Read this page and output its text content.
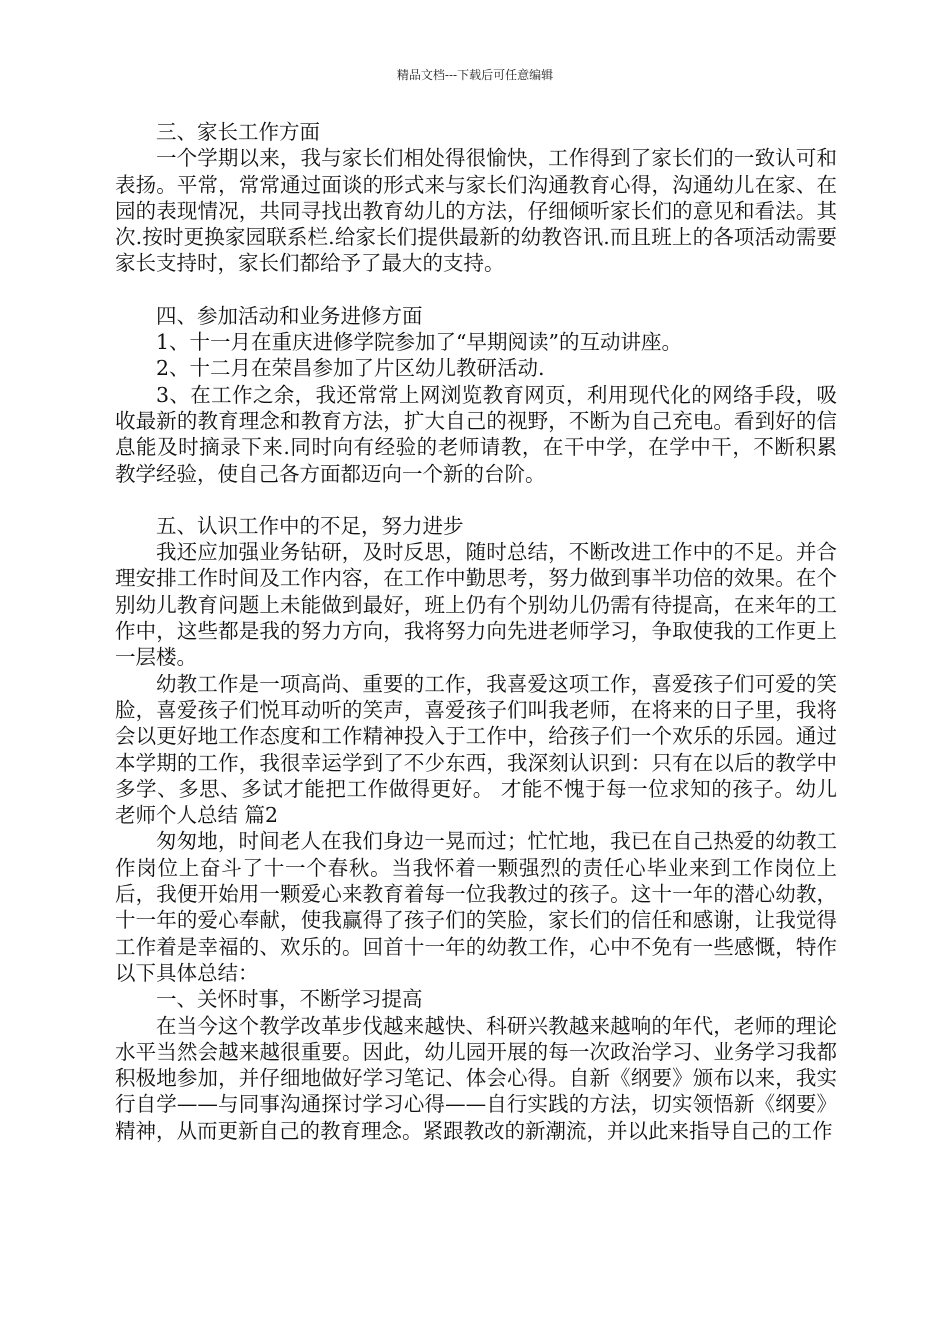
精品文档---下载后可任意编辑

三、家长工作方面

一个学期以来，我与家长们相处得很愉快，工作得到了家长们的一致认可和表扬。平常，常常通过面谈的形式来与家长们沟通教育心得，沟通幼儿在家、在园的表现情况，共同寻找出教育幼儿的方法，仔细倾听家长们的意见和看法。其次.按时更换家园联系栏.给家长们提供最新的幼教咨讯.而且班上的各项活动需要家长支持时，家长们都给予了最大的支持。

四、参加活动和业务进修方面

1、十一月在重庆进修学院参加了“早期阅读”的互动讲座。

2、十二月在荣昌参加了片区幼儿教研活动.

3、在工作之余，我还常常上网浏览教育网页，利用现代化的网络手段，吸收最新的教育理念和教育方法，扩大自己的视野，不断为自己充电。看到好的信息能及时摘录下来.同时向有经验的老师请教，在干中学，在学中干，不断积累教学经验，使自己各方面都迈向一个新的台阶。

五、认识工作中的不足，努力进步

我还应加强业务钻研，及时反思，随时总结，不断改进工作中的不足。并合理安排工作时间及工作内容，在工作中勤思考，努力做到事半功倍的效果。在个别幼儿教育问题上未能做到最好，班上仍有个别幼儿仍需有待提高，在来年的工作中，这些都是我的努力方向，我将努力向先进老师学习，争取使我的工作更上一层楼。

幼教工作是一项高尚、重要的工作，我喜爱这项工作，喜爱孩子们可爱的笑脸，喜爱孩子们悦耳动听的笑声，喜爱孩子们叫我老师，在将来的日子里，我将会以更好地工作态度和工作精神投入于工作中，给孩子们一个欢乐的乐园。通过本学期的工作，我很幸运学到了不少东西，我深刻认识到：只有在以后的教学中多学、多思、多试才能把工作做得更好。 才能不愧于每一位求知的孩子。幼儿老师个人总结 篇2

匆匆地，时间老人在我们身边一晃而过；忙忙地，我已在自己热爱的幼教工作岗位上奋斗了十一个春秋。当我怀着一颗强烈的责任心毕业来到工作岗位上后，我便开始用一颗爱心来教育着每一位我教过的孩子。这十一年的潜心幼教，十一年的爱心奉献，使我赢得了孩子们的笑脸，家长们的信任和感谢，让我觉得工作着是幸福的、欢乐的。回首十一年的幼教工作，心中不免有一些感慨，特作以下具体总结：

一、关怀时事，不断学习提高

在当今这个教学改革步伐越来越快、科研兴教越来越响的年代，老师的理论水平当然会越来越很重要。因此，幼儿园开展的每一次政治学习、业务学习我都积极地参加，并仔细地做好学习笔记、体会心得。自新《纲要》颁布以来，我实行自学——与同事沟通探讨学习心得——自行实践的方法，切实领悟新《纲要》精神，从而更新自己的教育理念。紧跟教改的新潮流，并以此来指导自己的工作
